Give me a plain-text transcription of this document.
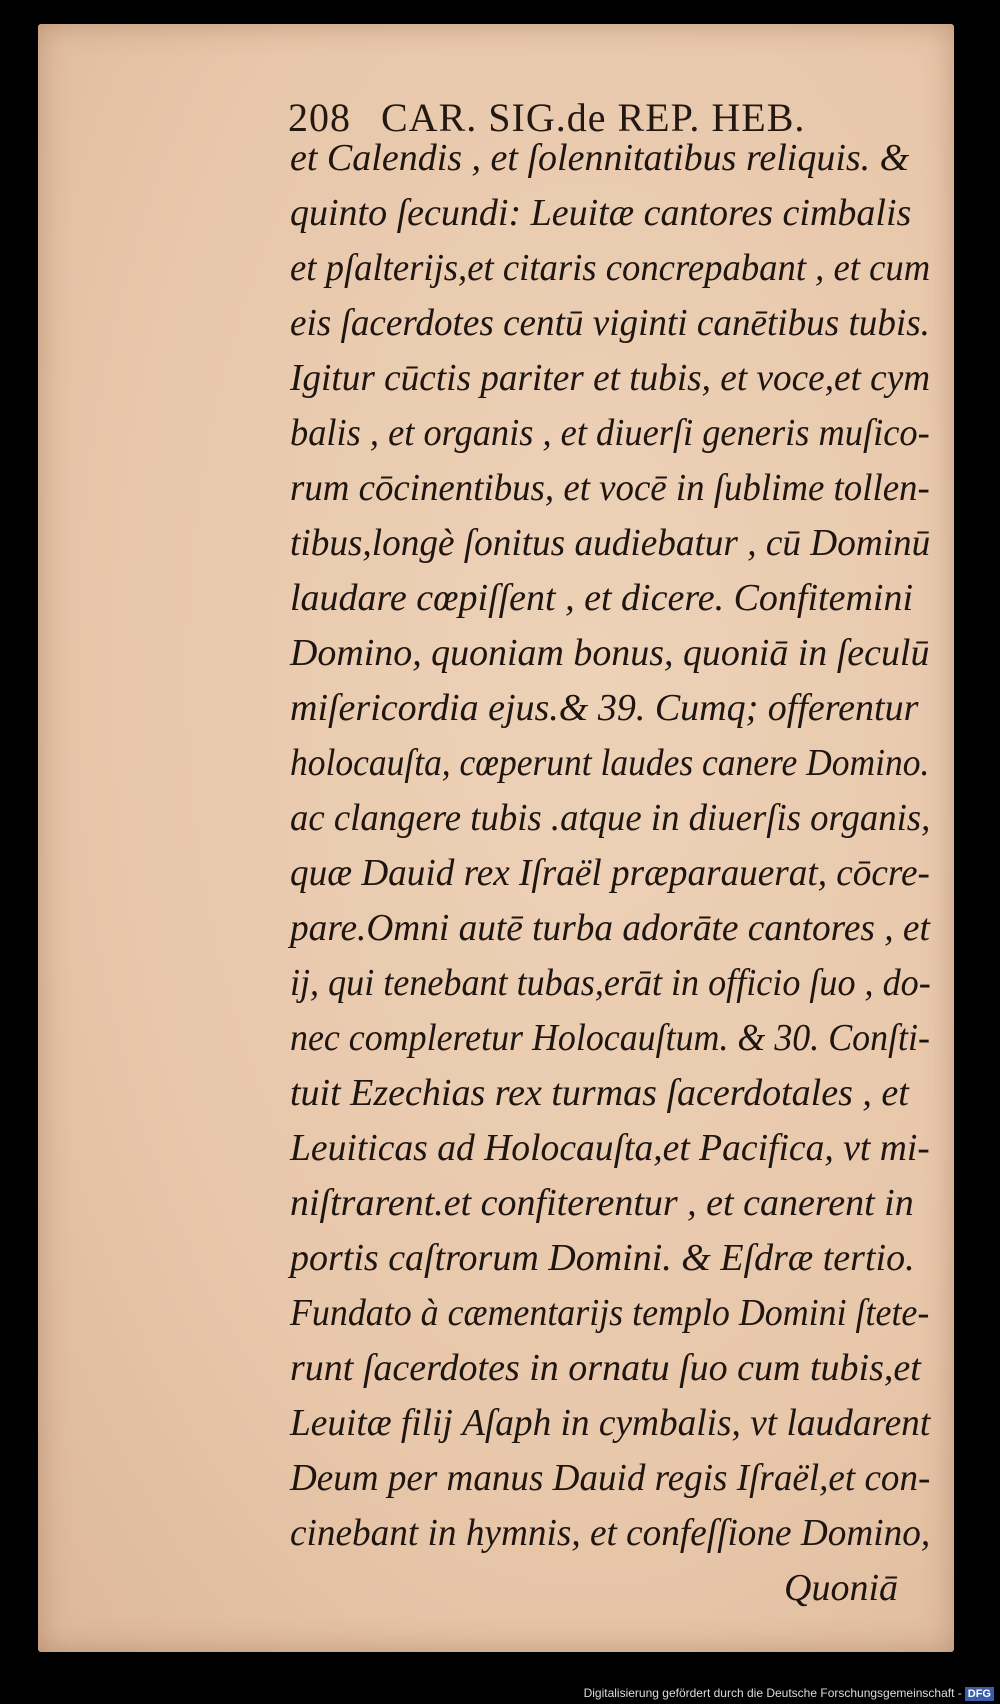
208 CAR. SIG.de REP. HEB.
et Calendis , et ſolennitatibus reliquis. &
quinto ſecundi: Leuitæ cantores cimbalis
et pſalteriјs,et citaris concrepabant , et cum
eis ſacerdotes centū viginti canētibus tubis.
Igitur cūctis pariter et tubis, et voce,et cym
balis , et organis , et diuerſi generis muſico-
rum cōcinentibus, et vocē in ſublime tollen-
tibus,longè ſonitus audiebatur , cū Dominū
laudare cœpiſſent , et dicere. Confitemini
Domino, quoniam bonus, quoniā in ſeculū
miſericordia ejus.& 39. Cumq; offerentur
holocauſta, cœperunt laudes canere Domino.
ac clangere tubis .atque in diuerſis organis,
quæ Dauid rex Iſraël præparauerat, cōcre-
pare.Omni autē turba adorāte cantores , et
iј, qui tenebant tubas,erāt in officio ſuo , do-
nec compleretur Holocauſtum. & 30. Conſti-
tuit Ezechias rex turmas ſacerdotales , et
Leuiticas ad Holocauſta,et Pacifica, vt mi-
niſtrarent.et confiterentur , et canerent in
portis caſtrorum Domini. & Eſdræ tertio.
Fundato à cæmentariјs templo Domini ſtete-
runt ſacerdotes in ornatu ſuo cum tubis,et
Leuitæ filiј Aſaph in cymbalis, vt laudarent
Deum per manus Dauid regis Iſraël,et con-
cinebant in hymnis, et confeſſione Domino,
Quoniā
Digitalisierung gefördert durch die Deutsche Forschungsgemeinschaft - DFG
